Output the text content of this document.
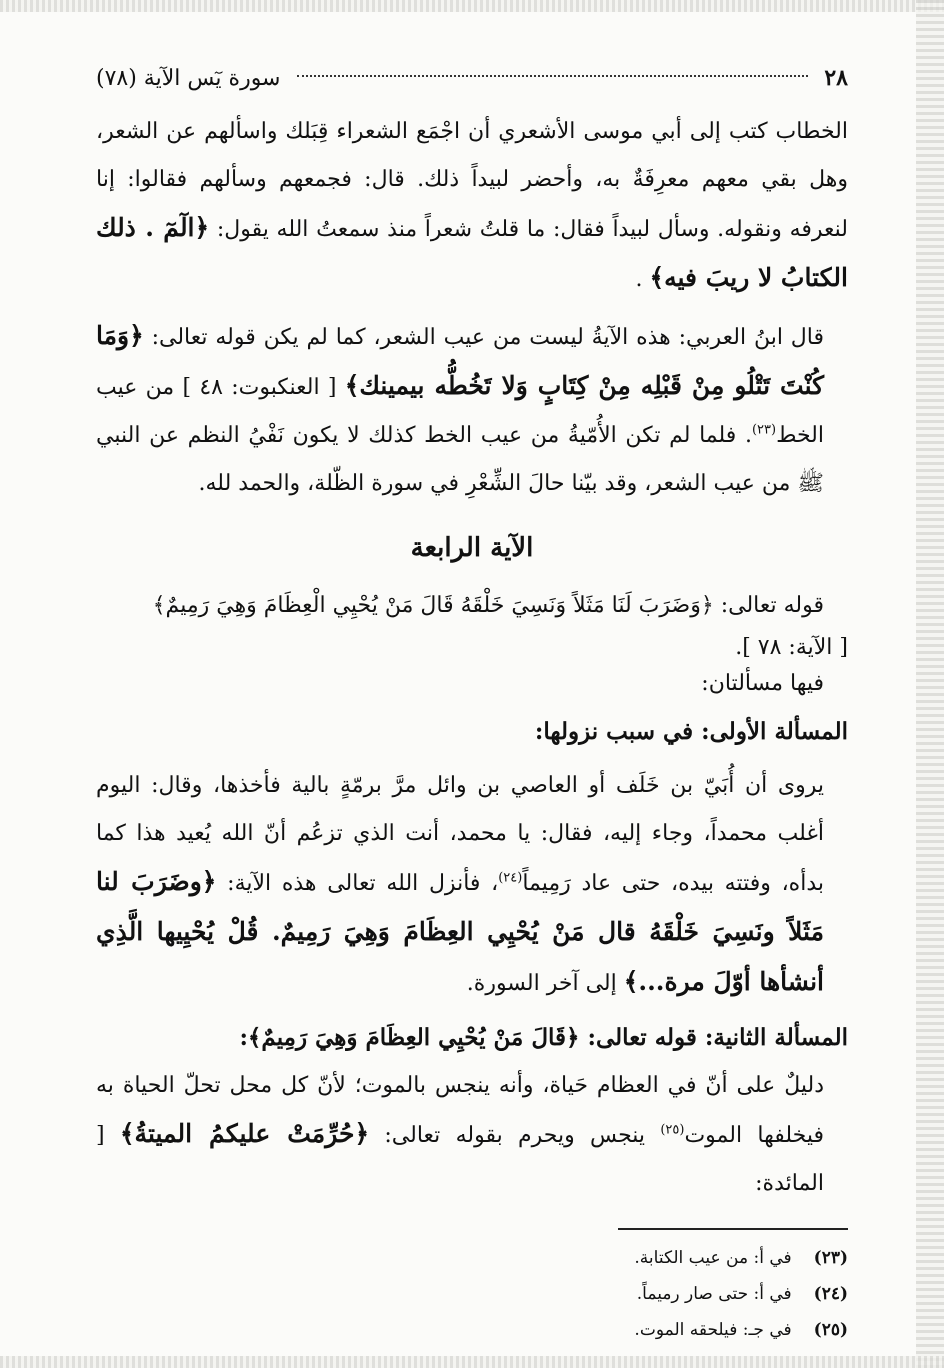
٢٨
سورة يٓس الآية (٧٨)

الخطاب كتب إلى أبي موسى الأشعري أن اجْمَع الشعراء قِبَلك واسألهم عن الشعر، وهل بقي معهم معرِفَةٌ به، وأحضر لبيداً ذلك. قال: فجمعهم وسألهم فقالوا: إنا لنعرفه ونقوله. وسأل لبيداً فقال: ما قلتُ شعراً منذ سمعتُ الله يقول: ﴿الٓمٓ . ذلك الكتابُ لا ريبَ فيه﴾ .

قال ابنُ العربي: هذه الآيةُ ليست من عيب الشعر، كما لم يكن قوله تعالى: ﴿وَمَا كُنْتَ تَتْلُو مِنْ قَبْلِه مِنْ كِتَابٍ وَلا تَخُطُّه بيمينك﴾ [ العنكبوت: ٤٨ ] من عيب الخط$^{(٢٣)}$. فلما لم تكن الأُمّيةُ من عيب الخط كذلك لا يكون نَفْيُ النظم عن النبي ﷺ من عيب الشعر، وقد بيّنا حالَ الشِّعْرِ في سورة الظّلة، والحمد لله.

الآية الرابعة

قوله تعالى: ﴿وَضَرَبَ لَنَا مَثَلاً وَنَسِيَ خَلْقَهُ قَالَ مَنْ يُحْيِي الْعِظَامَ وَهِيَ رَمِيمٌ﴾

[ الآية: ٧٨ ].

فيها مسألتان:

المسألة الأولى: في سبب نزولها:

يروى أن أُبَيّ بن خَلَف أو العاصي بن وائل مرَّ برمّةٍ بالية فأخذها، وقال: اليوم أغلب محمداً، وجاء إليه، فقال: يا محمد، أنت الذي تزعُم أنّ الله يُعيد هذا كما بدأه، وفتته بيده، حتى عاد رَمِيماً$^{(٢٤)}$، فأنزل الله تعالى هذه الآية: ﴿وضَرَبَ لنا مَثَلاً ونَسِيَ خَلْقَهُ قال مَنْ يُحْيِي العِظَامَ وَهِيَ رَمِيمٌ. قُلْ يُحْيِيها الَّذِي أنشأها أوّلَ مرة...﴾ إلى آخر السورة.

المسألة الثانية: قوله تعالى: ﴿قَالَ مَنْ يُحْيِي العِظَامَ وَهِيَ رَمِيمٌ﴾:

دليلٌ على أنّ في العظام حَياة، وأنه ينجس بالموت؛ لأنّ كل محل تحلّ الحياة به فيخلفها الموت$^{(٢٥)}$ ينجس ويحرم بقوله تعالى: ﴿حُرِّمَتْ عليكمُ الميتةُ﴾ [ المائدة:

(٢٣)
في أ: من عيب الكتابة.
(٢٤)
في أ: حتى صار رميماً.
(٢٥)
في جـ: فيلحقه الموت.
